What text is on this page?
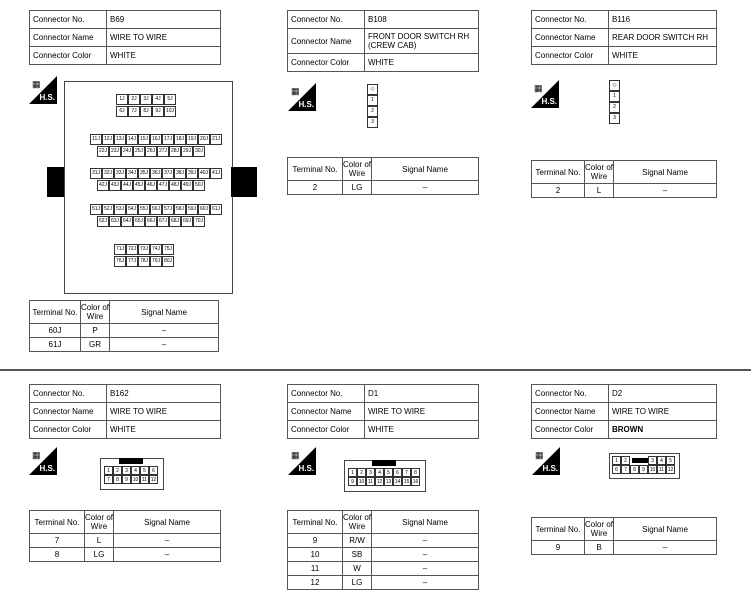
Connector No.	B69
Connector Name	WIRE TO WIRE
Connector Color	WHITE
▦
H.S.	1J	2J	3J	4J	5J
6J	7J	8J	9J	10J
11J 12J 13J 14J 15J 16J 17J 18J 19J 20J 21J
22J 23J 24J 25J 26J 27J 28J 29J 30J
31J 32J 33J 34J 35J 36J 37J 38J 39J 40J 41J
42J 43J 44J 45J 46J 47J 48J 49J 50J
51J 52J 53J 54J 55J 56J 57J 58J 59J 60J 61J
62J 63J 64J 65J 66J 67J 68J 69J 70J
71J 72J 73J 74J 75J
76J 77J 78J 79J 80J
Terminal No.	Color of Wire	Signal Name
60J	P	–
61J	GR	–
Connector No.	B108
Connector Name	FRONT DOOR SWITCH RH (CREW CAB)
Connector Color	WHITE
▦
H.S.
◇
1
2
3
Terminal No.	Color of Wire	Signal Name
2	LG	–
Connector No.	B116
Connector Name	REAR DOOR SWITCH RH
Connector Color	WHITE
▦
H.S.
◇
1
2
3
Terminal No.	Color of Wire	Signal Name
2	L	–
Connector No.	B162
Connector Name	WIRE TO WIRE
Connector Color	WHITE
▦
H.S.	1	2	3	4	5	6
7	8	9 10 11 12
Terminal No.	Color of Wire	Signal Name
7	L	–
8	LG	–
Connector No.	D1
Connector Name	WIRE TO WIRE
Connector Color	WHITE
▦
H.S.	1	2	3	4	5	6	7	8
9 10 11 12 13 14 15 16
Terminal No.	Color of Wire	Signal Name
9	R/W	–
10	SB	–
11	W	–
12	LG	–
Connector No.	D2
Connector Name	WIRE TO WIRE
Connector Color	BROWN
▦
H.S.
1	2	3	4	5
6	7	8	9 10 11 12
Terminal No.	Color of Wire	Signal Name
9	B	–
